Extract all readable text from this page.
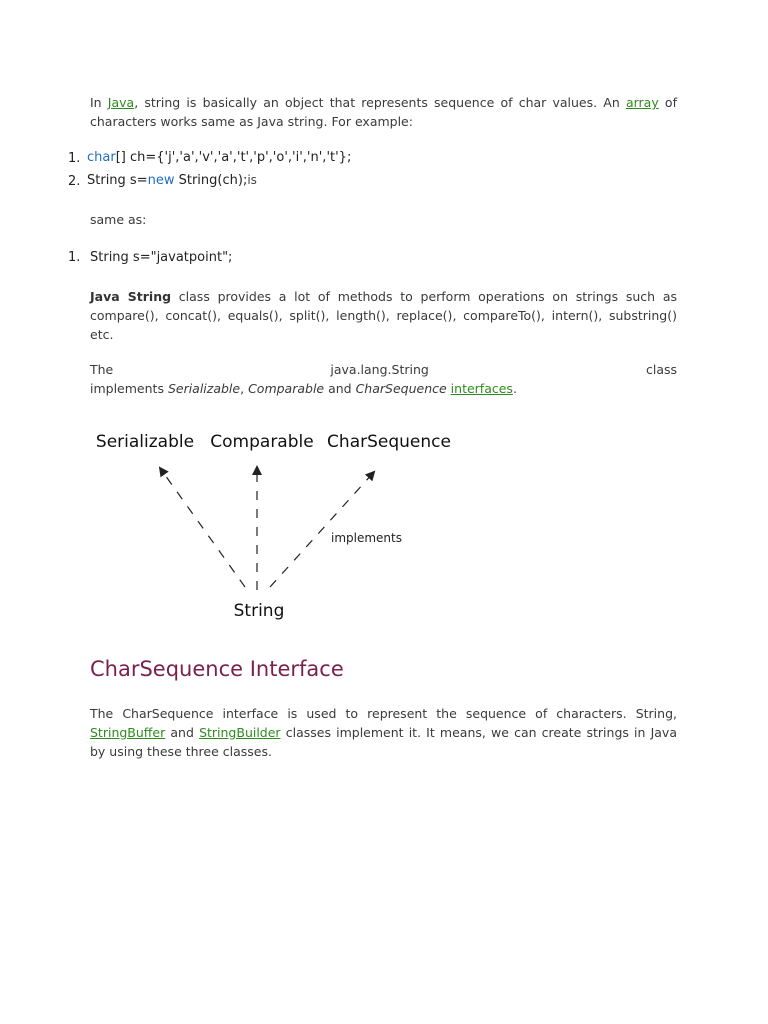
In Java, string is basically an object that represents sequence of char values. An array of characters works same as Java string. For example:
1. char[] ch={'j','a','v','a','t','p','o','i','n','t'};
2. String s=new String(ch);is
same as:
1. String s="javatpoint";
Java String class provides a lot of methods to perform operations on strings such as compare(), concat(), equals(), split(), length(), replace(), compareTo(), intern(), substring() etc.
The	java.lang.String	class
implements Serializable, Comparable and CharSequence interfaces.
Serializable Comparable CharSequence
implements
String
CharSequence Interface
The CharSequence interface is used to represent the sequence of characters. String, StringBuffer and StringBuilder classes implement it. It means, we can create strings in Java by using these three classes.
